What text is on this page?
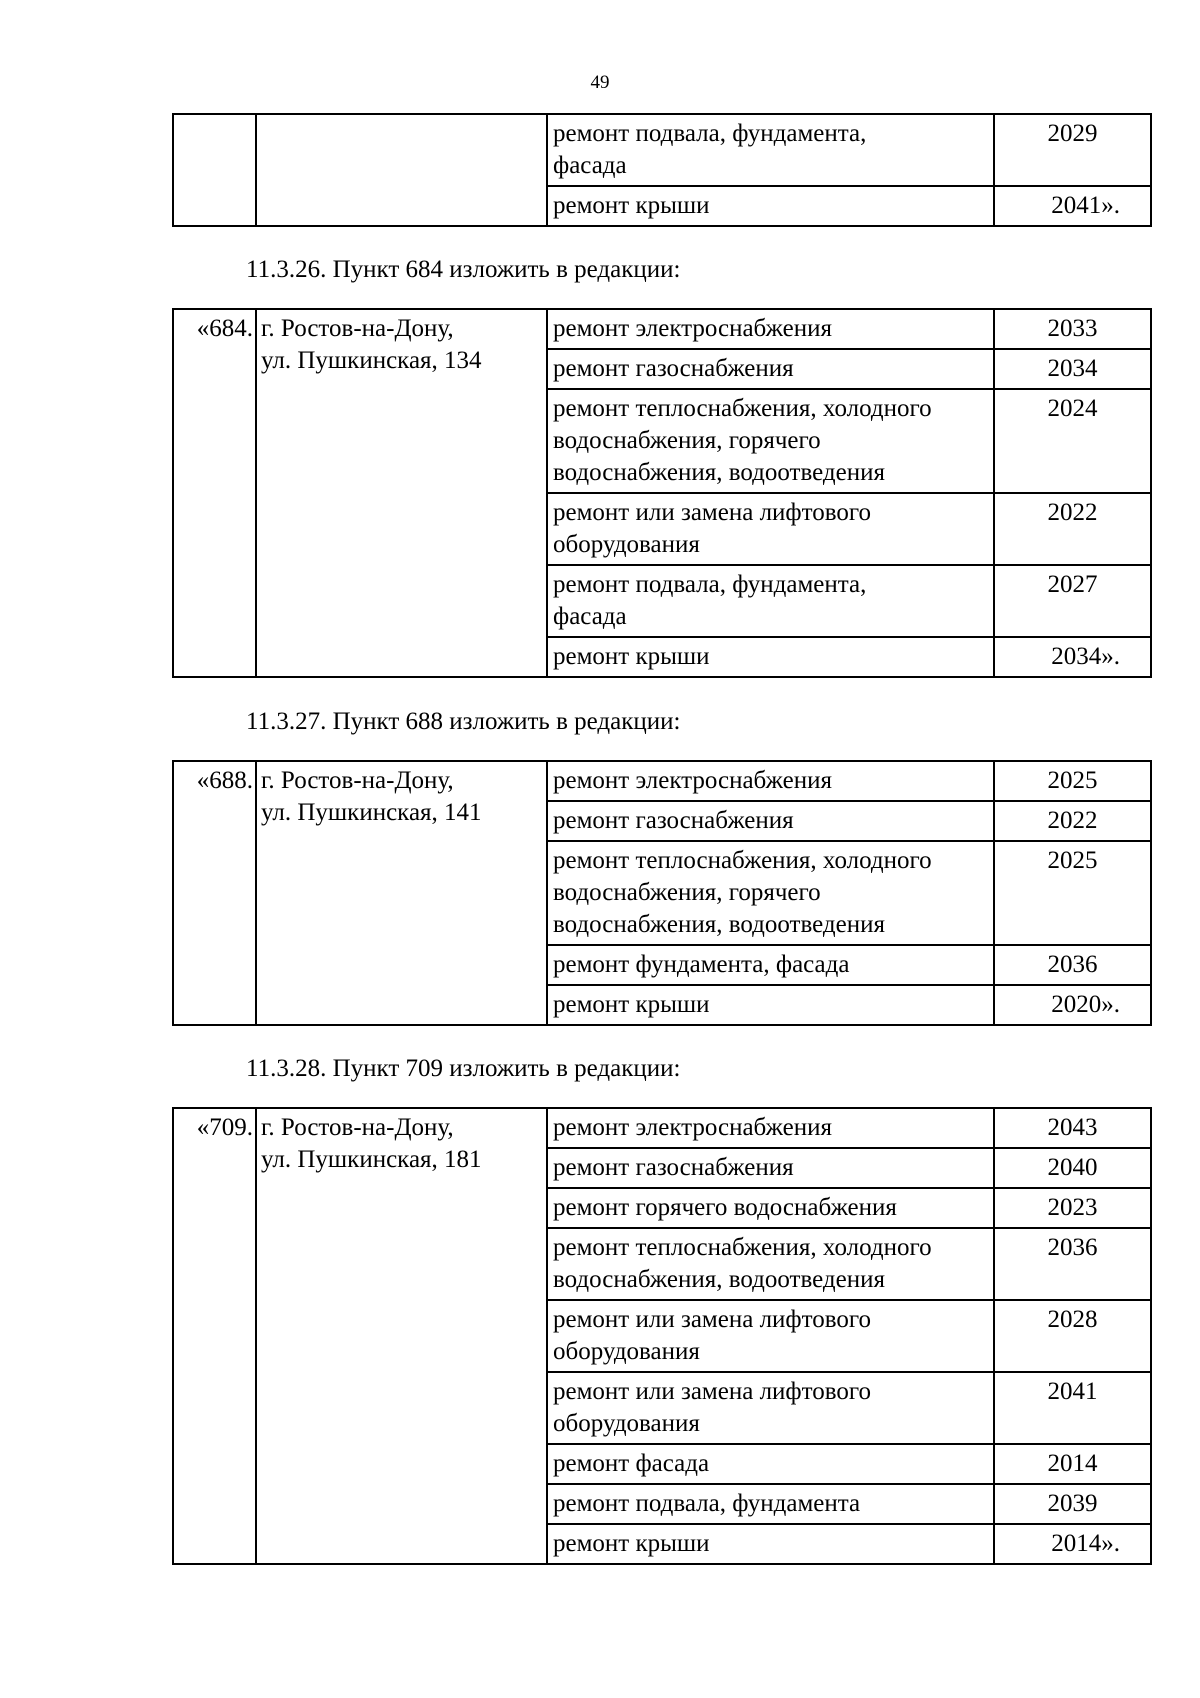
49
		ремонт подвала, фундамента,
фасада	2029
		ремонт крыши	2041».
11.3.26. Пункт 684 изложить в редакции:
«684.	г. Ростов-на-Дону,
ул. Пушкинская, 134	ремонт электроснабжения	2033
		ремонт газоснабжения	2034
		ремонт теплоснабжения, холодного
водоснабжения, горячего
водоснабжения, водоотведения	2024
		ремонт или замена лифтового
оборудования	2022
		ремонт подвала, фундамента,
фасада	2027
		ремонт крыши	2034».
11.3.27. Пункт 688 изложить в редакции:
«688.	г. Ростов-на-Дону,
ул. Пушкинская, 141	ремонт электроснабжения	2025
		ремонт газоснабжения	2022
		ремонт теплоснабжения, холодного
водоснабжения, горячего
водоснабжения, водоотведения	2025
		ремонт фундамента, фасада	2036
		ремонт крыши	2020».
11.3.28. Пункт 709 изложить в редакции:
«709.	г. Ростов-на-Дону,
ул. Пушкинская, 181	ремонт электроснабжения	2043
		ремонт газоснабжения	2040
		ремонт горячего водоснабжения	2023
		ремонт теплоснабжения, холодного
водоснабжения, водоотведения	2036
		ремонт или замена лифтового
оборудования	2028
		ремонт или замена лифтового
оборудования	2041
		ремонт фасада	2014
		ремонт подвала, фундамента	2039
		ремонт крыши	2014».
